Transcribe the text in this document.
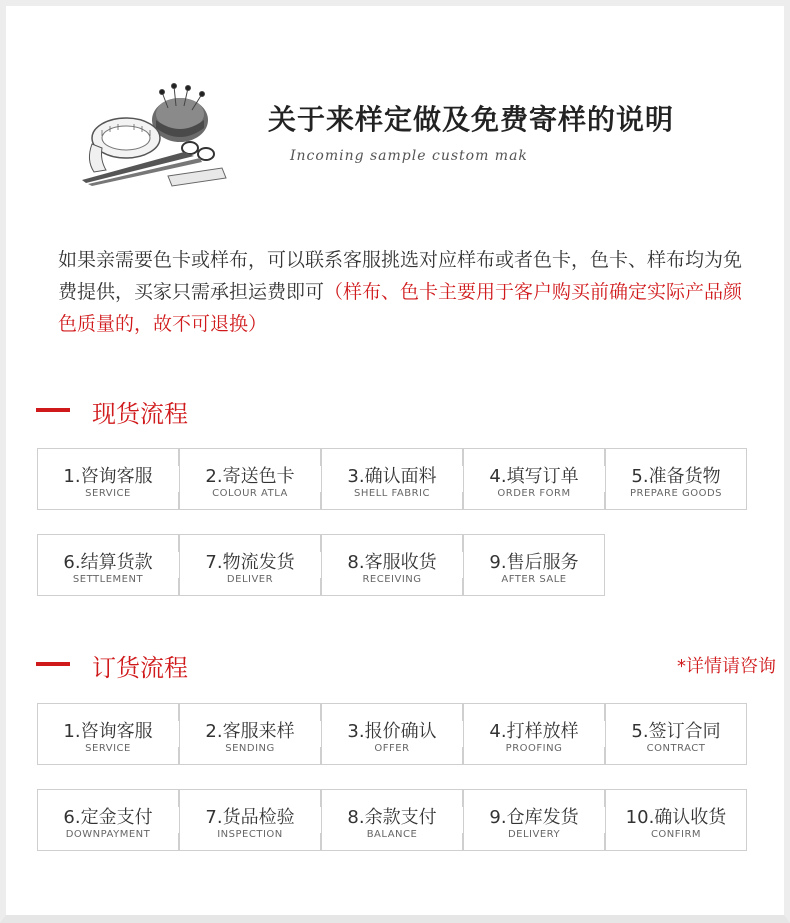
关于来样定做及免费寄样的说明
Incoming sample custom mak
如果亲需要色卡或样布，可以联系客服挑选对应样布或者色卡，色卡、样布均为免费提供，买家只需承担运费即可（样布、色卡主要用于客户购买前确定实际产品颜色质量的，故不可退换）
现货流程
1.咨询客服
SERVICE
2.寄送色卡
COLOUR ATLA
3.确认面料
SHELL FABRIC
4.填写订单
ORDER FORM
5.准备货物
PREPARE GOODS
6.结算货款
SETTLEMENT
7.物流发货
DELIVER
8.客服收货
RECEIVING
9.售后服务
AFTER SALE
订货流程	*详情请咨询
1.咨询客服
SERVICE
2.客服来样
SENDING
3.报价确认
OFFER
4.打样放样
PROOFING
5.签订合同
CONTRACT
6.定金支付
DOWNPAYMENT
7.货品检验
INSPECTION
8.余款支付
BALANCE
9.仓库发货
DELIVERY
10.确认收货
CONFIRM
